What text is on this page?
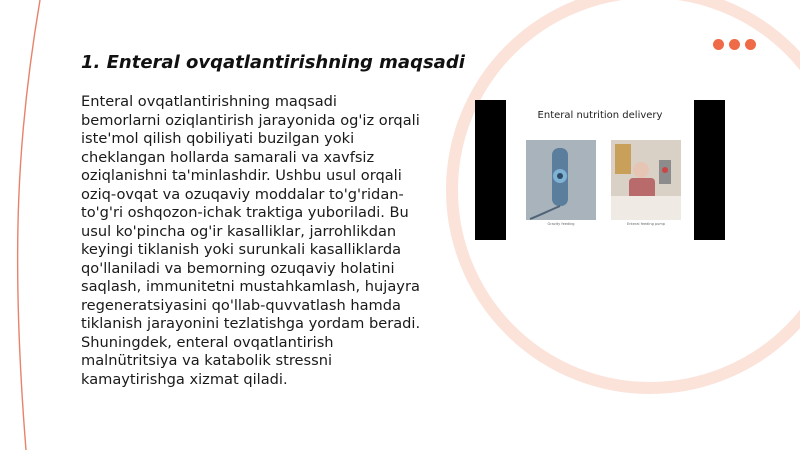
1. Enteral ovqatlantirishning maqsadi

Enteral ovqatlantirishning maqsadi bemorlarni oziqlantirish jarayonida og'iz orqali iste'mol qilish qobiliyati buzilgan yoki cheklangan hollarda samarali va xavfsiz oziqlanishni ta'minlashdir. Ushbu usul orqali oziq-ovqat va ozuqaviy moddalar to'g'ridan-to'g'ri oshqozon-ichak traktiga yuboriladi. Bu usul ko'pincha og'ir kasalliklar, jarrohlikdan keyingi tiklanish yoki surunkali kasalliklarda qo'llaniladi va bemorning ozuqaviy holatini saqlash, immunitetni mustahkamlash, hujayra regeneratsiyasini qo'llab-quvvatlash hamda tiklanish jarayonini tezlatishga yordam beradi. Shuningdek, enteral ovqatlantirish malnütritsiya va katabolik stressni kamaytirishga xizmat qiladi.

Enteral nutrition delivery
Gravity feeding	Enteral feeding pump
